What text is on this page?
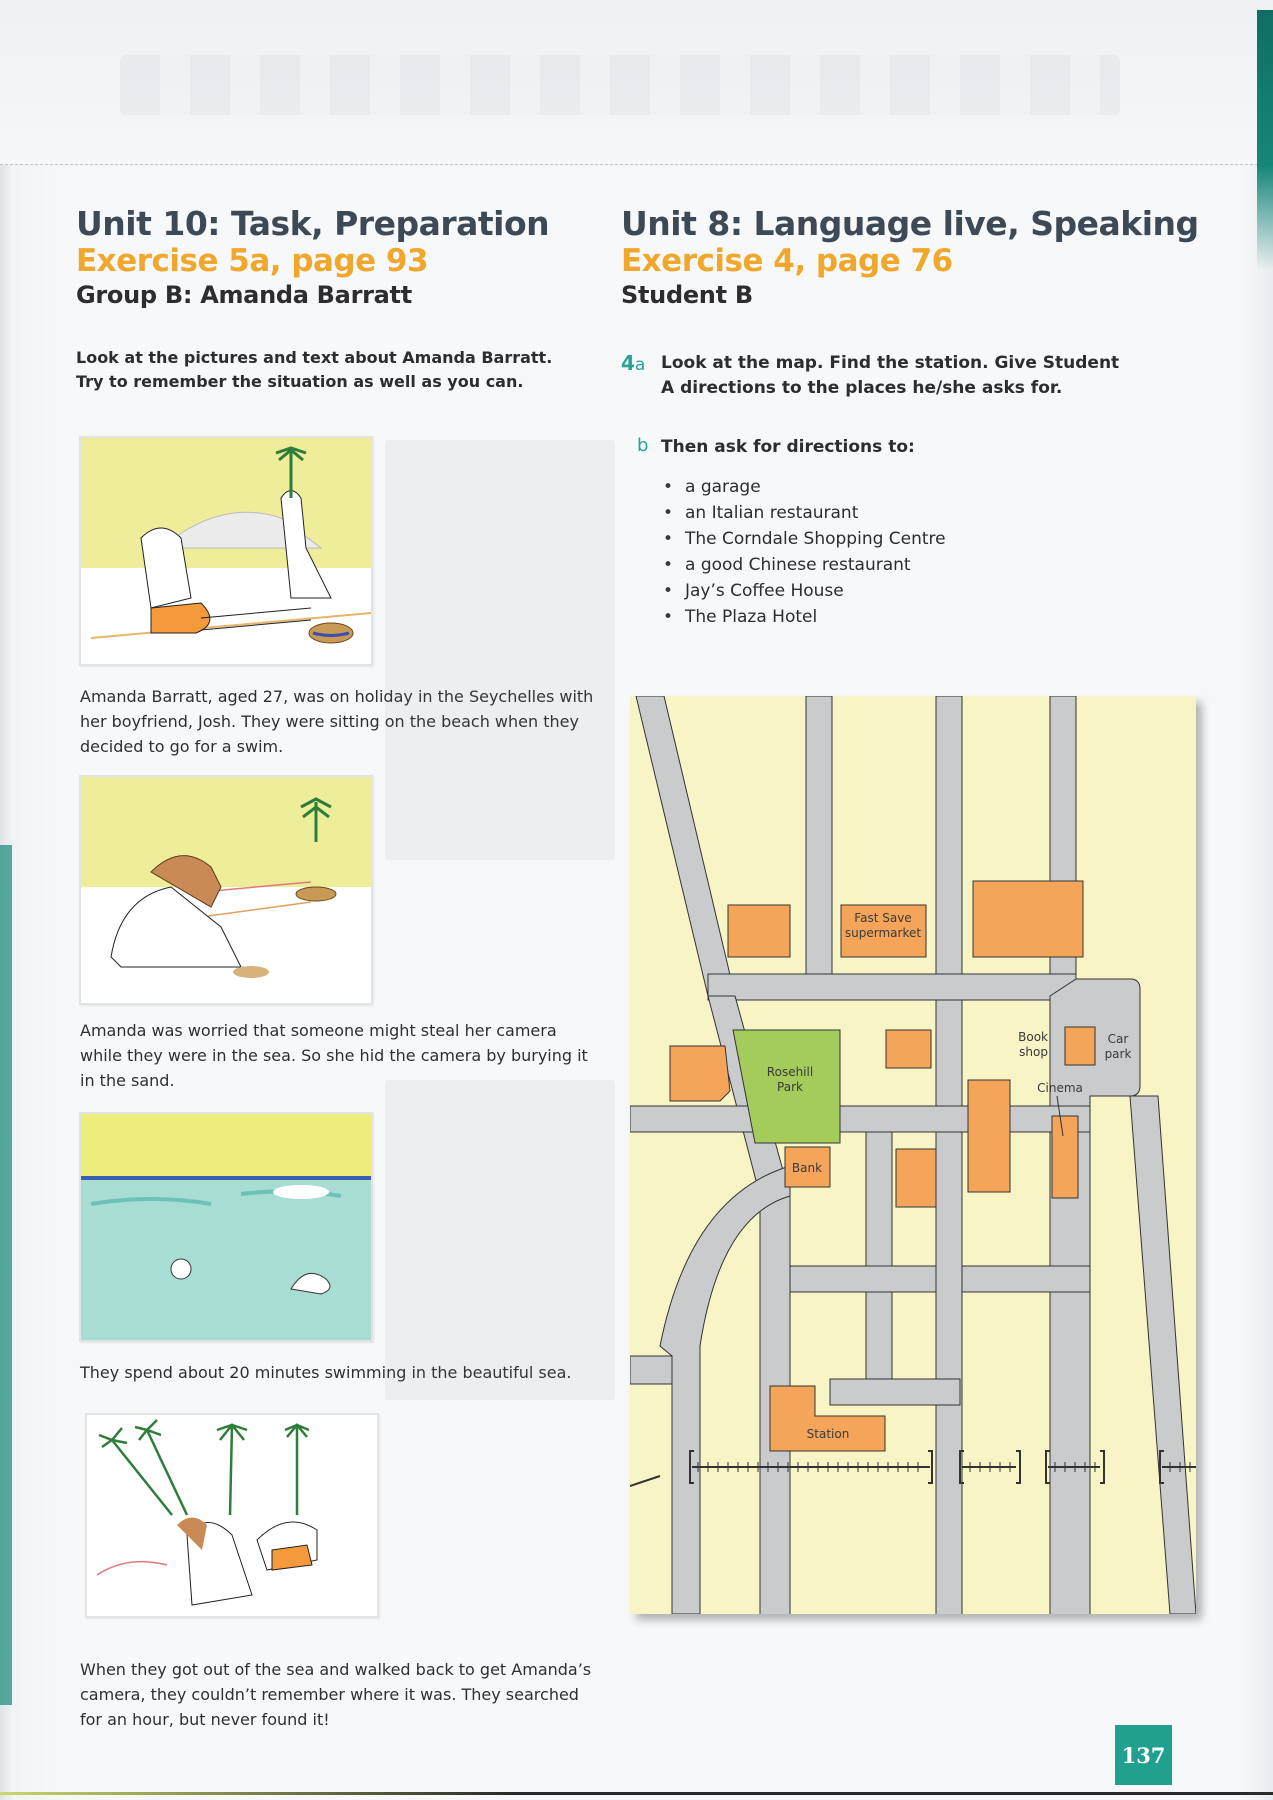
Unit 10: Task, Preparation
Exercise 5a, page 93
Group B: Amanda Barratt
Look at the pictures and text about Amanda Barratt.
Try to remember the situation as well as you can.
Amanda Barratt, aged 27, was on holiday in the Seychelles with her boyfriend, Josh. They were sitting on the beach when they decided to go for a swim.
Amanda was worried that someone might steal her camera while they were in the sea. So she hid the camera by burying it in the sand.
They spend about 20 minutes swimming in the beautiful sea.
When they got out of the sea and walked back to get Amanda’s camera, they couldn’t remember where it was. They searched for an hour, but never found it!
Unit 8: Language live, Speaking
Exercise 4, page 76
Student B
4a Look at the map. Find the station. Give Student A directions to the places he/she asks for.
b Then ask for directions to:
• a garage
• an Italian restaurant
• The Corndale Shopping Centre
• a good Chinese restaurant
• Jay’s Coffee House
• The Plaza Hotel
Fast Save
supermarket
Rosehill
Park
Book
shop
Car
park
Cinema
Bank
Station
137
